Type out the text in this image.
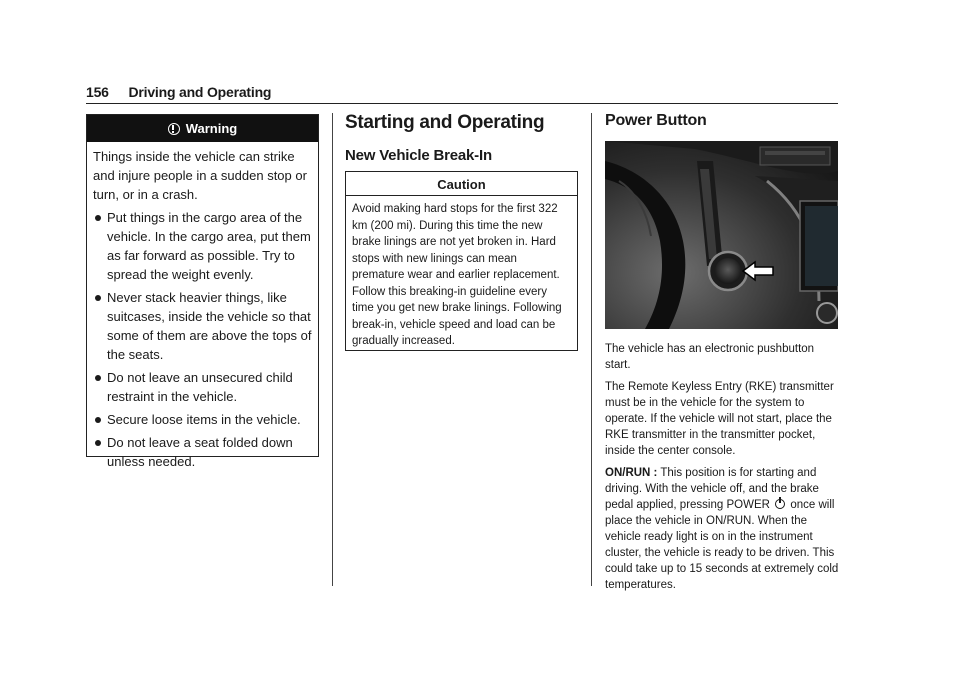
156 Driving and Operating
Warning

Things inside the vehicle can strike and injure people in a sudden stop or turn, or in a crash.

Put things in the cargo area of the vehicle. In the cargo area, put them as far forward as possible. Try to spread the weight evenly.
Never stack heavier things, like suitcases, inside the vehicle so that some of them are above the tops of the seats.
Do not leave an unsecured child restraint in the vehicle.
Secure loose items in the vehicle.
Do not leave a seat folded down unless needed.
Starting and Operating
New Vehicle Break-In
Caution

Avoid making hard stops for the first 322 km (200 mi). During this time the new brake linings are not yet broken in. Hard stops with new linings can mean premature wear and earlier replacement. Follow this breaking-in guideline every time you get new brake linings. Following break-in, vehicle speed and load can be gradually increased.

Power Button

The vehicle has an electronic pushbutton start.

The Remote Keyless Entry (RKE) transmitter must be in the vehicle for the system to operate. If the vehicle will not start, place the RKE transmitter in the transmitter pocket, inside the center console.

ON/RUN : This position is for starting and driving. With the vehicle off, and the brake pedal applied, pressing POWER once will place the vehicle in ON/RUN. When the vehicle ready light is on in the instrument cluster, the vehicle is ready to be driven. This could take up to 15 seconds at extremely cold temperatures.
